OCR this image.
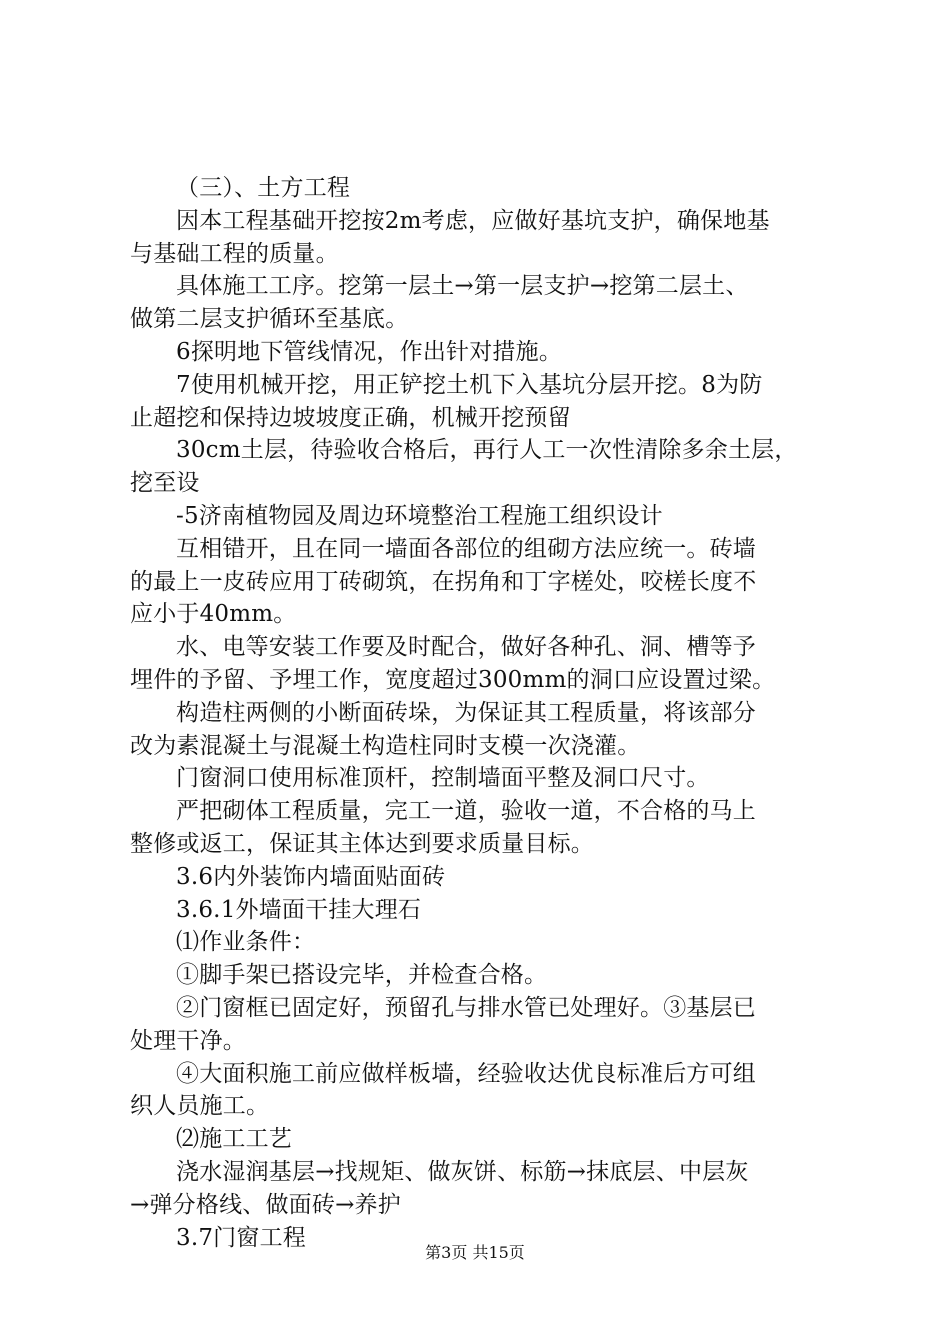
（三）、土方工程
因本工程基础开挖按2m考虑，应做好基坑支护，确保地基
与基础工程的质量。
具体施工工序。挖第一层土→第一层支护→挖第二层土、
做第二层支护循环至基底。
6探明地下管线情况，作出针对措施。
7使用机械开挖，用正铲挖土机下入基坑分层开挖。8为防
止超挖和保持边坡坡度正确，机械开挖预留
30cm土层，待验收合格后，再行人工一次性清除多余土层，
挖至设
-5济南植物园及周边环境整治工程施工组织设计
互相错开，且在同一墙面各部位的组砌方法应统一。砖墙
的最上一皮砖应用丁砖砌筑，在拐角和丁字槎处，咬槎长度不
应小于40mm。
水、电等安装工作要及时配合，做好各种孔、洞、槽等予
埋件的予留、予埋工作，宽度超过300mm的洞口应设置过梁。
构造柱两侧的小断面砖垛，为保证其工程质量，将该部分
改为素混凝土与混凝土构造柱同时支模一次浇灌。
门窗洞口使用标准顶杆，控制墙面平整及洞口尺寸。
严把砌体工程质量，完工一道，验收一道，不合格的马上
整修或返工，保证其主体达到要求质量目标。
3.6内外装饰内墙面贴面砖
3.6.1外墙面干挂大理石
⑴作业条件：
①脚手架已搭设完毕，并检查合格。
②门窗框已固定好，预留孔与排水管已处理好。③基层已
处理干净。
④大面积施工前应做样板墙，经验收达优良标准后方可组
织人员施工。
⑵施工工艺
浇水湿润基层→找规矩、做灰饼、标筋→抹底层、中层灰
→弹分格线、做面砖→养护
3.7门窗工程
第3页 共15页
